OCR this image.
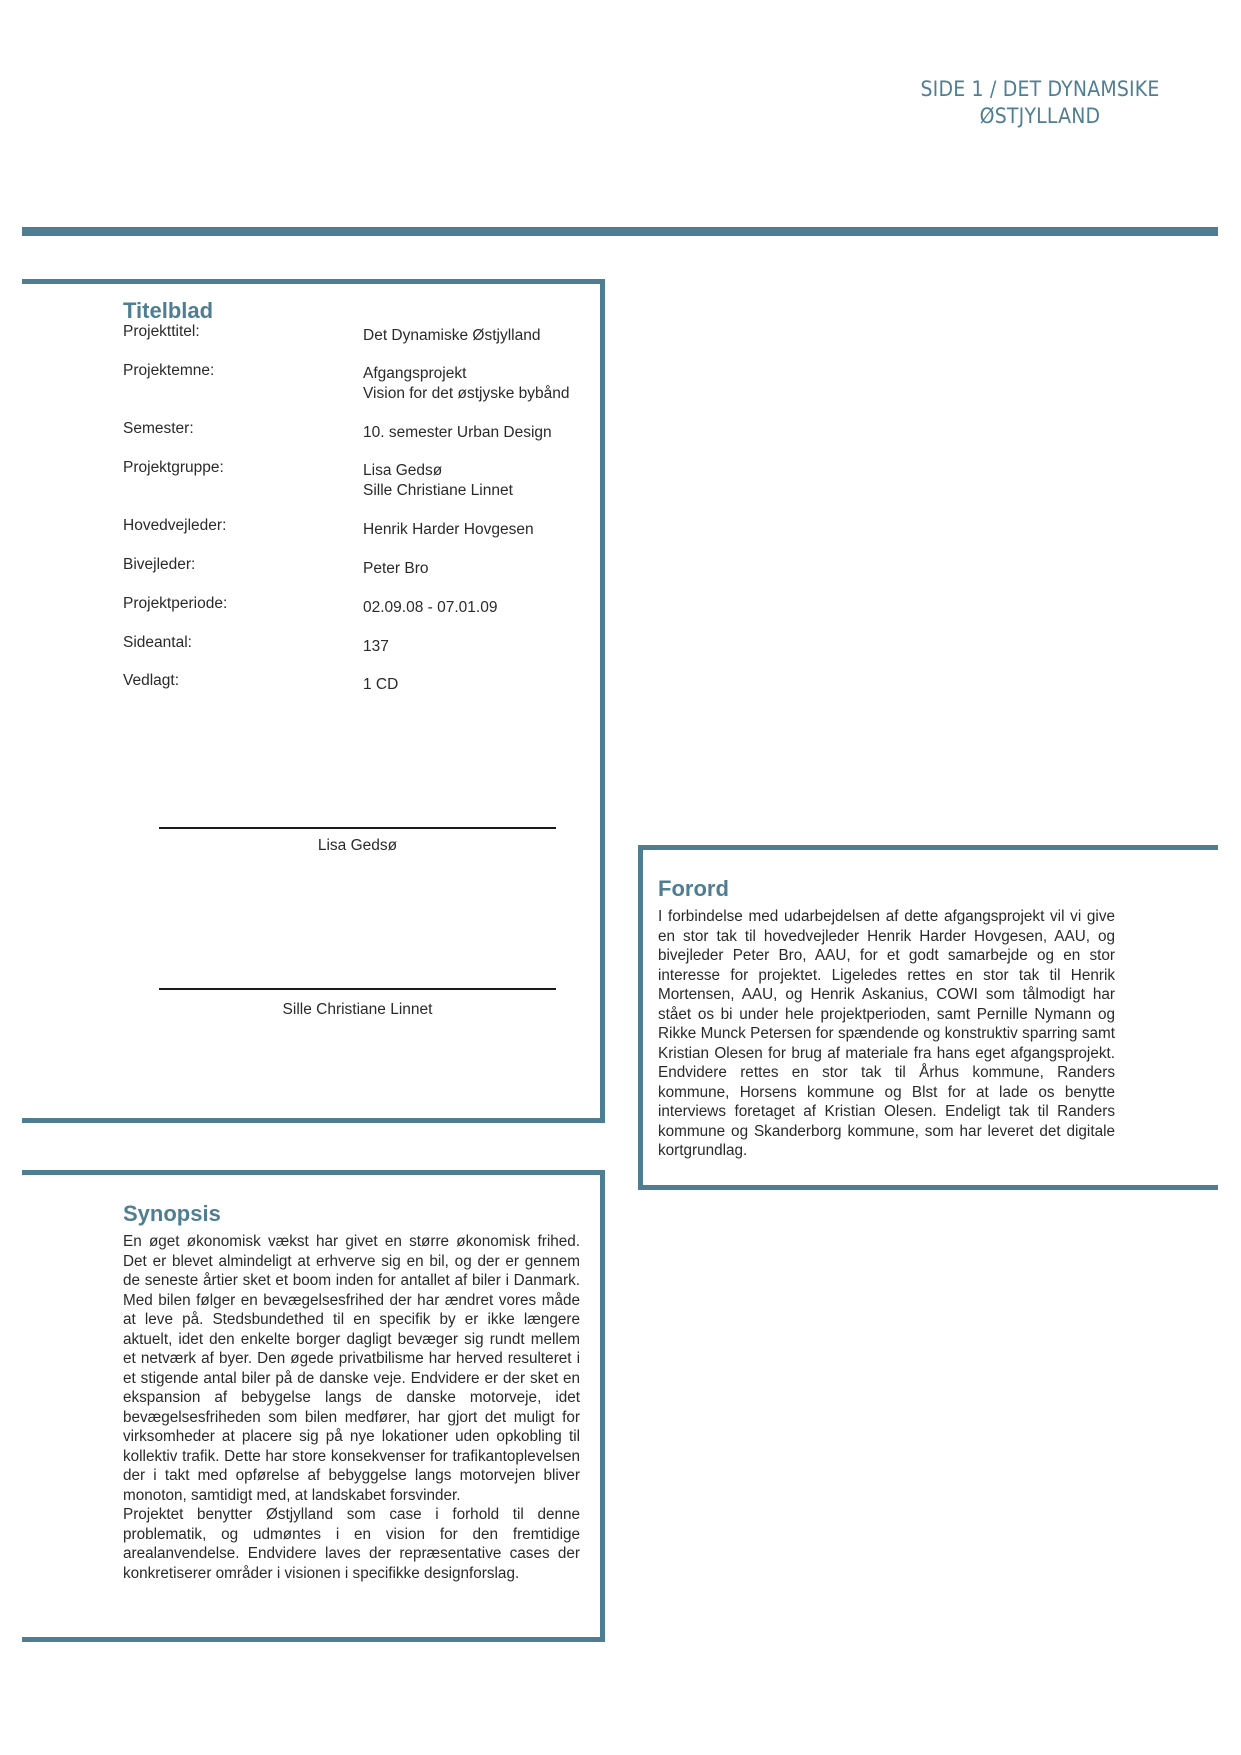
SIDE 1 / DET DYNAMSIKE
ØSTJYLLAND
Titelblad
Projekttitel:	Det Dynamiske Østjylland
Projektemne:	Afgangsprojekt
Vision for det østjyske bybånd
Semester:	10. semester Urban Design
Projektgruppe:	Lisa Gedsø
Sille Christiane Linnet
Hovedvejleder:	Henrik Harder Hovgesen
Bivejleder:	Peter Bro
Projektperiode:	02.09.08 - 07.01.09
Sideantal:	137
Vedlagt:	1 CD
Lisa Gedsø
Sille Christiane Linnet
Forord

I forbindelse med udarbejdelsen af dette afgangsprojekt vil vi give en stor tak til hovedvejleder Henrik Harder Hovgesen, AAU, og bivejleder Peter Bro, AAU, for et godt samarbejde og en stor interesse for projektet. Ligeledes rettes en stor tak til Henrik Mortensen, AAU, og Henrik Askanius, COWI som tålmodigt har stået os bi under hele projektperioden, samt Pernille Nymann og Rikke Munck Petersen for spændende og konstruktiv sparring samt Kristian Olesen for brug af materiale fra hans eget afgangsprojekt. Endvidere rettes en stor tak til Århus kommune, Randers kommune, Horsens kommune og Blst for at lade os benytte interviews foretaget af Kristian Olesen. Endeligt tak til Randers kommune og Skanderborg kommune, som har leveret det digitale kortgrundlag.

Synopsis

En øget økonomisk vækst har givet en større økonomisk frihed. Det er blevet almindeligt at erhverve sig en bil, og der er gennem de seneste årtier sket et boom inden for antallet af biler i Danmark. Med bilen følger en bevægelsesfrihed der har ændret vores måde at leve på. Stedsbundethed til en speciﬁk by er ikke længere aktuelt, idet den enkelte borger dagligt bevæger sig rundt mellem et netværk af byer. Den øgede privatbilisme har herved resulteret i et stigende antal biler på de danske veje. Endvidere er der sket en ekspansion af bebygelse langs de danske motorveje, idet bevægelsesfriheden som bilen medfører, har gjort det muligt for virksomheder at placere sig på nye lokationer uden opkobling til kollektiv traﬁk. Dette har store konsekvenser for traﬁkantoplevelsen der i takt med opførelse af bebyggelse langs motorvejen bliver monoton, samtidigt med, at landskabet forsvinder.

Projektet benytter Østjylland som case i forhold til denne problematik, og udmøntes i en vision for den fremtidige arealanvendelse. Endvidere laves der repræsentative cases der konkretiserer områder i visionen i speciﬁkke designforslag.
